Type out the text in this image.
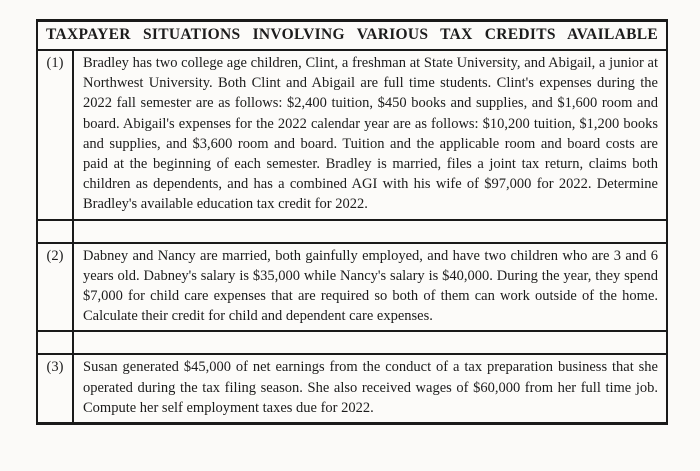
TAXPAYER SITUATIONS INVOLVING VARIOUS TAX CREDITS AVAILABLE
(1)	Bradley has two college age children, Clint, a freshman at State University, and Abigail, a junior at Northwest University. Both Clint and Abigail are full time students. Clint's expenses during the 2022 fall semester are as follows: $2,400 tuition, $450 books and supplies, and $1,600 room and board. Abigail's expenses for the 2022 calendar year are as follows: $10,200 tuition, $1,200 books and supplies, and $3,600 room and board. Tuition and the applicable room and board costs are paid at the beginning of each semester. Bradley is married, files a joint tax return, claims both children as dependents, and has a combined AGI with his wife of $97,000 for 2022. Determine Bradley's available education tax credit for 2022.
(2)	Dabney and Nancy are married, both gainfully employed, and have two children who are 3 and 6 years old. Dabney's salary is $35,000 while Nancy's salary is $40,000. During the year, they spend $7,000 for child care expenses that are required so both of them can work outside of the home. Calculate their credit for child and dependent care expenses.
(3)	Susan generated $45,000 of net earnings from the conduct of a tax preparation business that she operated during the tax filing season. She also received wages of $60,000 from her full time job. Compute her self employment taxes due for 2022.
